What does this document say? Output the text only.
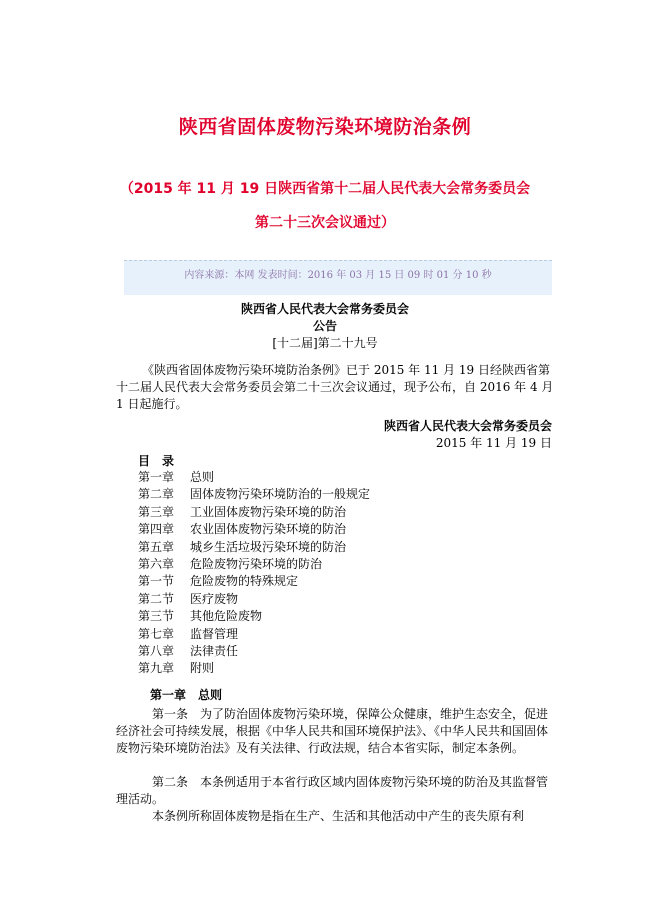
陕西省固体废物污染环境防治条例
（2015 年 11 月 19 日陕西省第十二届人民代表大会常务委员会
第二十三次会议通过）
内容来源：本网 发表时间：2016 年 03 月 15 日 09 时 01 分 10 秒
陕西省人民代表大会常务委员会
公告
[十二届]第二十九号
《陕西省固体废物污染环境防治条例》已于 2015 年 11 月 19 日经陕西省第十二届人民代表大会常务委员会第二十三次会议通过，现予公布，自 2016 年 4 月 1 日起施行。
陕西省人民代表大会常务委员会
2015 年 11 月 19 日
目　录
第一章 总则
第二章 固体废物污染环境防治的一般规定
第三章 工业固体废物污染环境的防治
第四章 农业固体废物污染环境的防治
第五章 城乡生活垃圾污染环境的防治
第六章 危险废物污染环境的防治
第一节 危险废物的特殊规定
第二节 医疗废物
第三节 其他危险废物
第七章 监督管理
第八章 法律责任
第九章 附则
第一章　总则
第一条　为了防治固体废物污染环境，保障公众健康，维护生态安全，促进经济社会可持续发展，根据《中华人民共和国环境保护法》、《中华人民共和国固体废物污染环境防治法》及有关法律、行政法规，结合本省实际，制定本条例。
第二条　本条例适用于本省行政区域内固体废物污染环境的防治及其监督管理活动。
本条例所称固体废物是指在生产、生活和其他活动中产生的丧失原有利
